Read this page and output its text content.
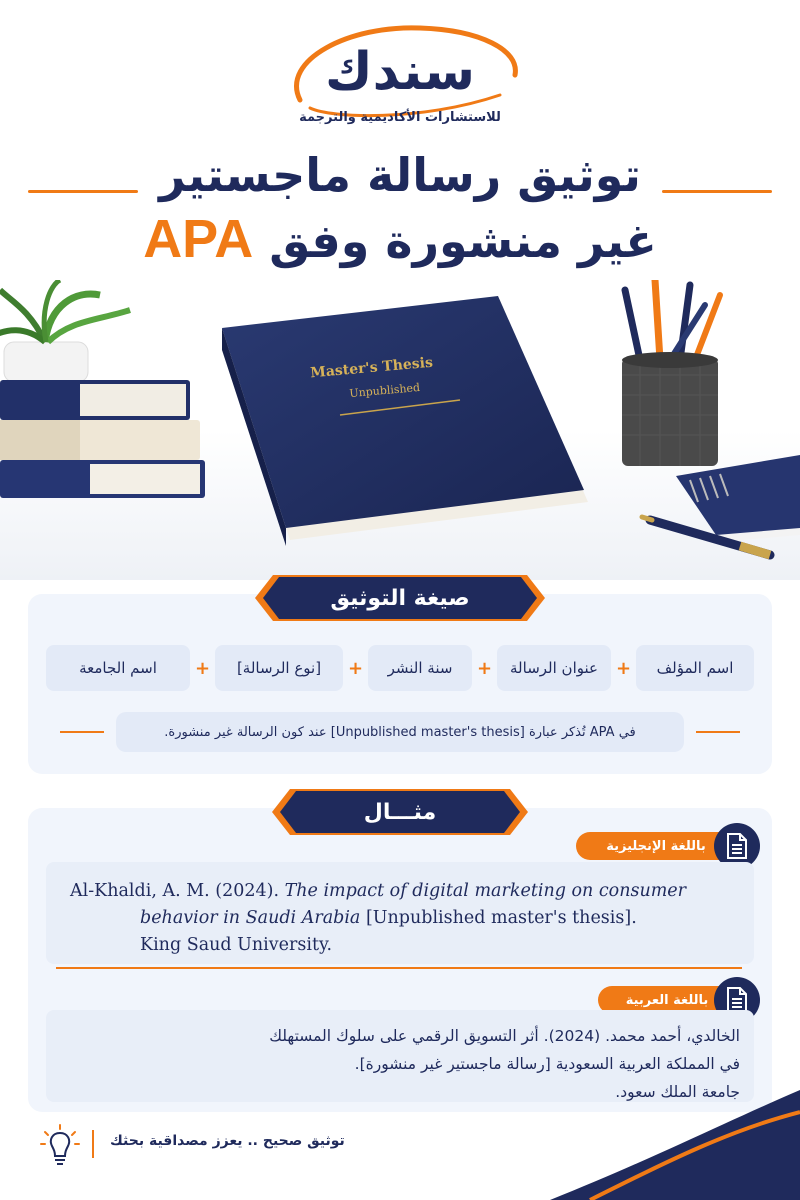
سندك
للاستشارات الأكاديمية والترجمة
توثيق رسالة ماجستير
غير منشورة وفق APA
Master's Thesis
Unpublished
صيغة التوثيق
اسم المؤلف
+
عنوان الرسالة
+
سنة النشر
+
[نوع الرسالة]
+
اسم الجامعة
في APA تُذكر عبارة [Unpublished master's thesis] عند كون الرسالة غير منشورة.
مثـــال
باللغة الإنجليزية
Al-Khaldi, A. M. (2024). The impact of digital marketing on consumer
behavior in Saudi Arabia [Unpublished master's thesis].
King Saud University.
باللغة العربية
الخالدي، أحمد محمد. (2024). أثر التسويق الرقمي على سلوك المستهلك
في المملكة العربية السعودية [رسالة ماجستير غير منشورة].
جامعة الملك سعود.
توثيق صحيح .. يعزز مصداقية بحثك
